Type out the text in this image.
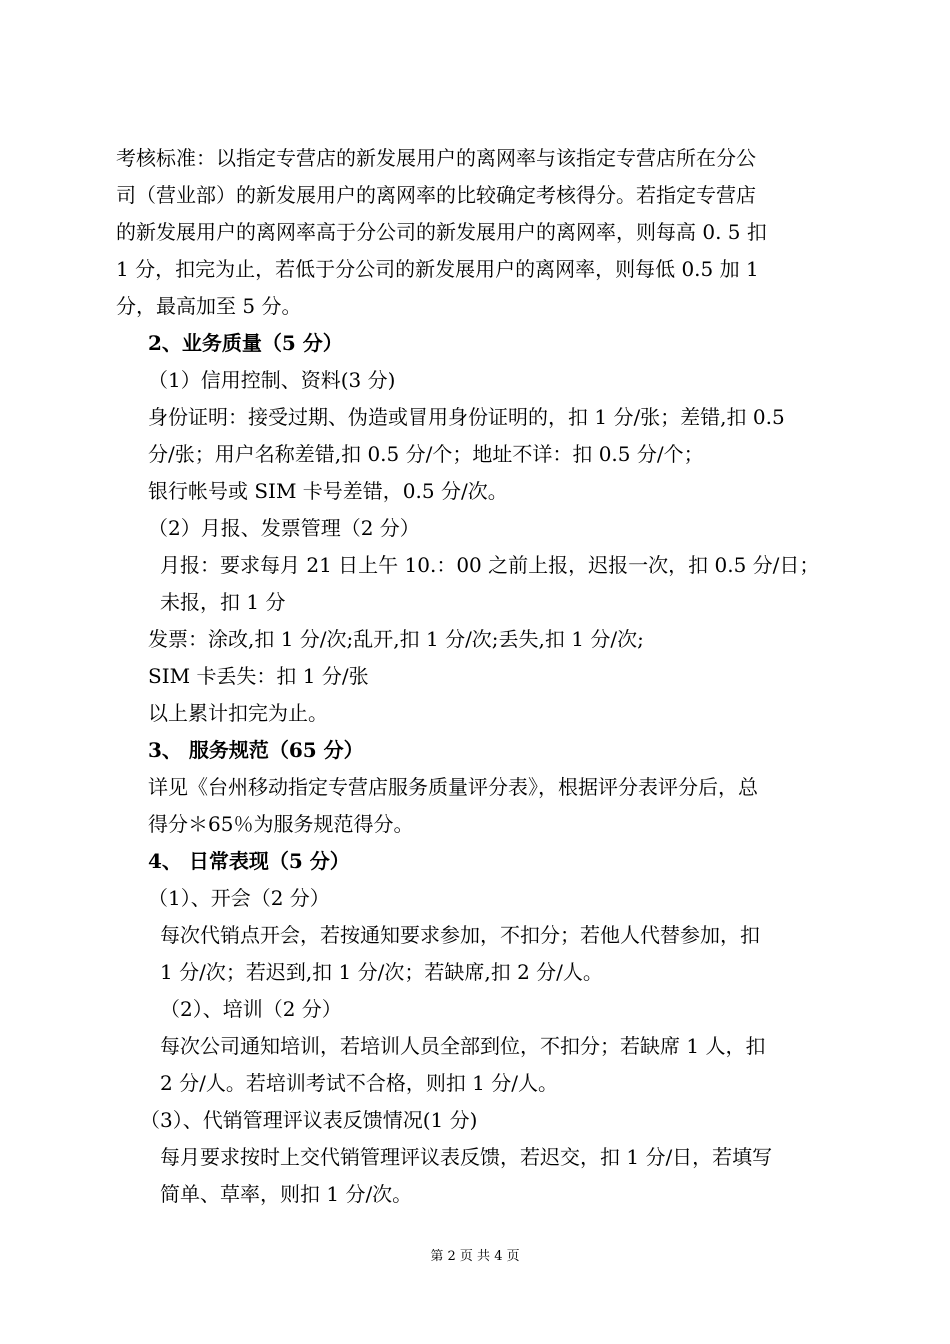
考核标准：以指定专营店的新发展用户的离网率与该指定专营店所在分公
司（营业部）的新发展用户的离网率的比较确定考核得分。若指定专营店
的新发展用户的离网率高于分公司的新发展用户的离网率，则每高 0. 5 扣
1 分，扣完为止，若低于分公司的新发展用户的离网率，则每低 0.5 加 1
分，最高加至 5 分。
2、业务质量（5 分）
（1）信用控制、资料(3 分)
身份证明：接受过期、伪造或冒用身份证明的，扣 1 分/张；差错,扣 0.5
分/张；用户名称差错,扣 0.5 分/个；地址不详：扣 0.5 分/个；
银行帐号或 SIM 卡号差错，0.5 分/次。
（2）月报、发票管理（2 分）
月报：要求每月 21 日上午 10.：00 之前上报，迟报一次，扣 0.5 分/日；
未报，扣 1 分
发票：涂改,扣 1 分/次;乱开,扣 1 分/次;丢失,扣 1 分/次;
SIM 卡丢失：扣 1 分/张
以上累计扣完为止。
3、 服务规范（65 分）
详见《台州移动指定专营店服务质量评分表》，根据评分表评分后，总
得分＊65％为服务规范得分。
4、 日常表现（5 分）
（1）、开会（2 分）
每次代销点开会，若按通知要求参加，不扣分；若他人代替参加，扣
1 分/次；若迟到,扣 1 分/次；若缺席,扣 2 分/人。
（2）、培训（2 分）
每次公司通知培训，若培训人员全部到位，不扣分；若缺席 1 人，扣
2 分/人。若培训考试不合格，则扣 1 分/人。
（3）、代销管理评议表反馈情况(1 分)
每月要求按时上交代销管理评议表反馈，若迟交，扣 1 分/日，若填写
简单、草率，则扣 1 分/次。
第 2 页 共 4 页
